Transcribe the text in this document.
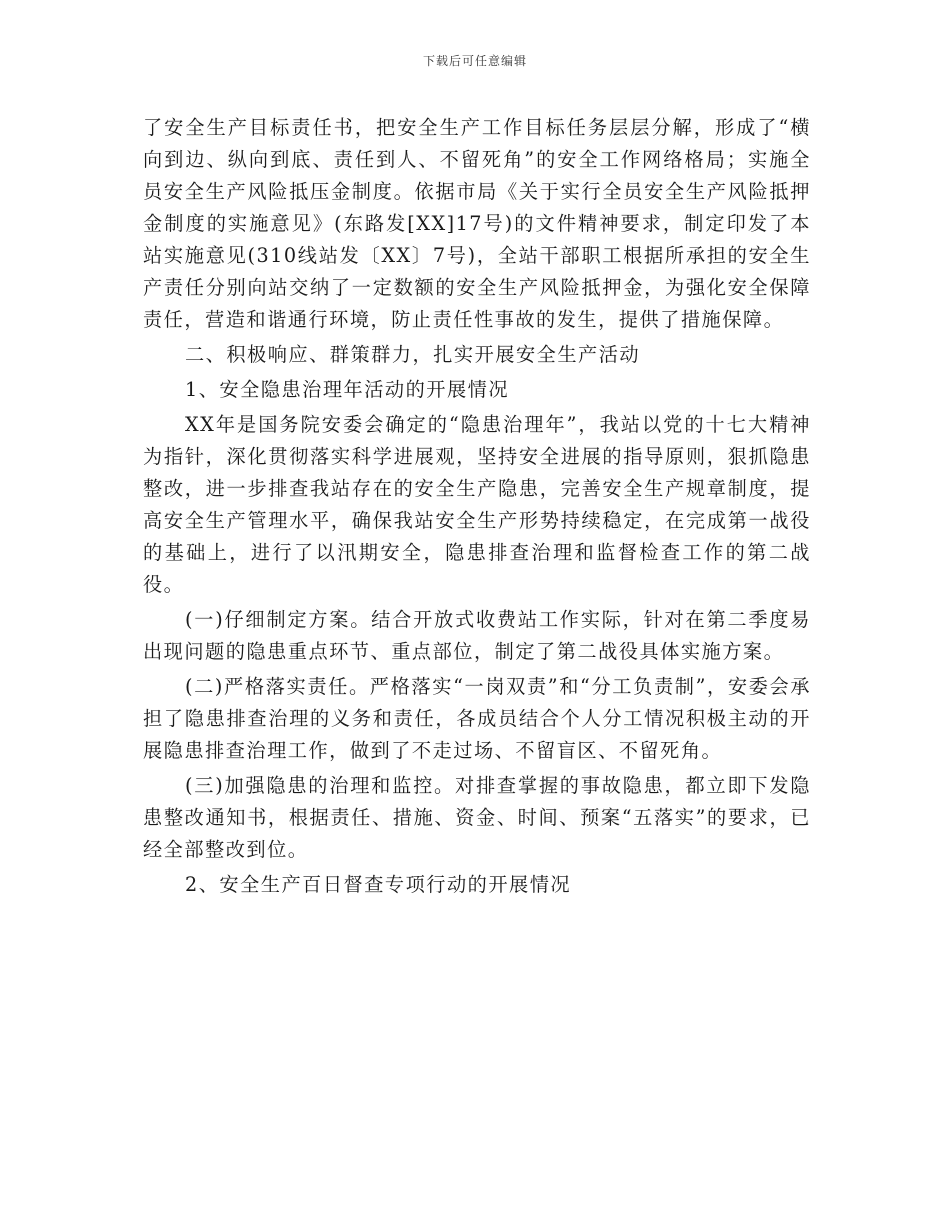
下载后可任意编辑

了安全生产目标责任书，把安全生产工作目标任务层层分解，形成了“横向到边、纵向到底、责任到人、不留死角”的安全工作网络格局；实施全员安全生产风险抵压金制度。依据市局《关于实行全员安全生产风险抵押金制度的实施意见》(东路发[XX]17号)的文件精神要求，制定印发了本站实施意见(310线站发〔XX〕7号)，全站干部职工根据所承担的安全生产责任分别向站交纳了一定数额的安全生产风险抵押金，为强化安全保障责任，营造和谐通行环境，防止责任性事故的发生，提供了措施保障。

二、积极响应、群策群力，扎实开展安全生产活动

1、安全隐患治理年活动的开展情况

XX年是国务院安委会确定的“隐患治理年”，我站以党的十七大精神为指针，深化贯彻落实科学进展观，坚持安全进展的指导原则，狠抓隐患整改，进一步排查我站存在的安全生产隐患，完善安全生产规章制度，提高安全生产管理水平，确保我站安全生产形势持续稳定，在完成第一战役的基础上，进行了以汛期安全，隐患排查治理和监督检查工作的第二战役。

(一)仔细制定方案。结合开放式收费站工作实际，针对在第二季度易出现问题的隐患重点环节、重点部位，制定了第二战役具体实施方案。

(二)严格落实责任。严格落实“一岗双责”和“分工负责制”，安委会承担了隐患排查治理的义务和责任，各成员结合个人分工情况积极主动的开展隐患排查治理工作，做到了不走过场、不留盲区、不留死角。

(三)加强隐患的治理和监控。对排查掌握的事故隐患，都立即下发隐患整改通知书，根据责任、措施、资金、时间、预案“五落实”的要求，已经全部整改到位。

2、安全生产百日督查专项行动的开展情况
